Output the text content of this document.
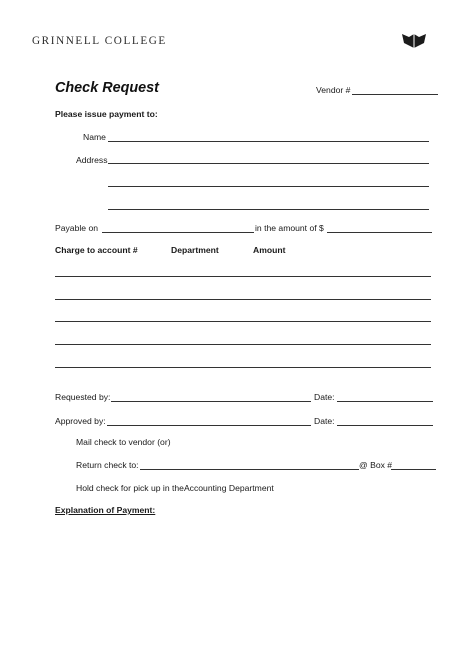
GRINNELL COLLEGE
Check Request	Vendor #
Please issue payment to:
Name
Address
Payable on	in the amount of $
Charge to account #	Department	Amount
Requested by:	Date:
Approved by:	Date:
Mail check to vendor (or)
Return check to:	@ Box #
Hold check for pick up in theAccounting Department
Explanation of Payment:
